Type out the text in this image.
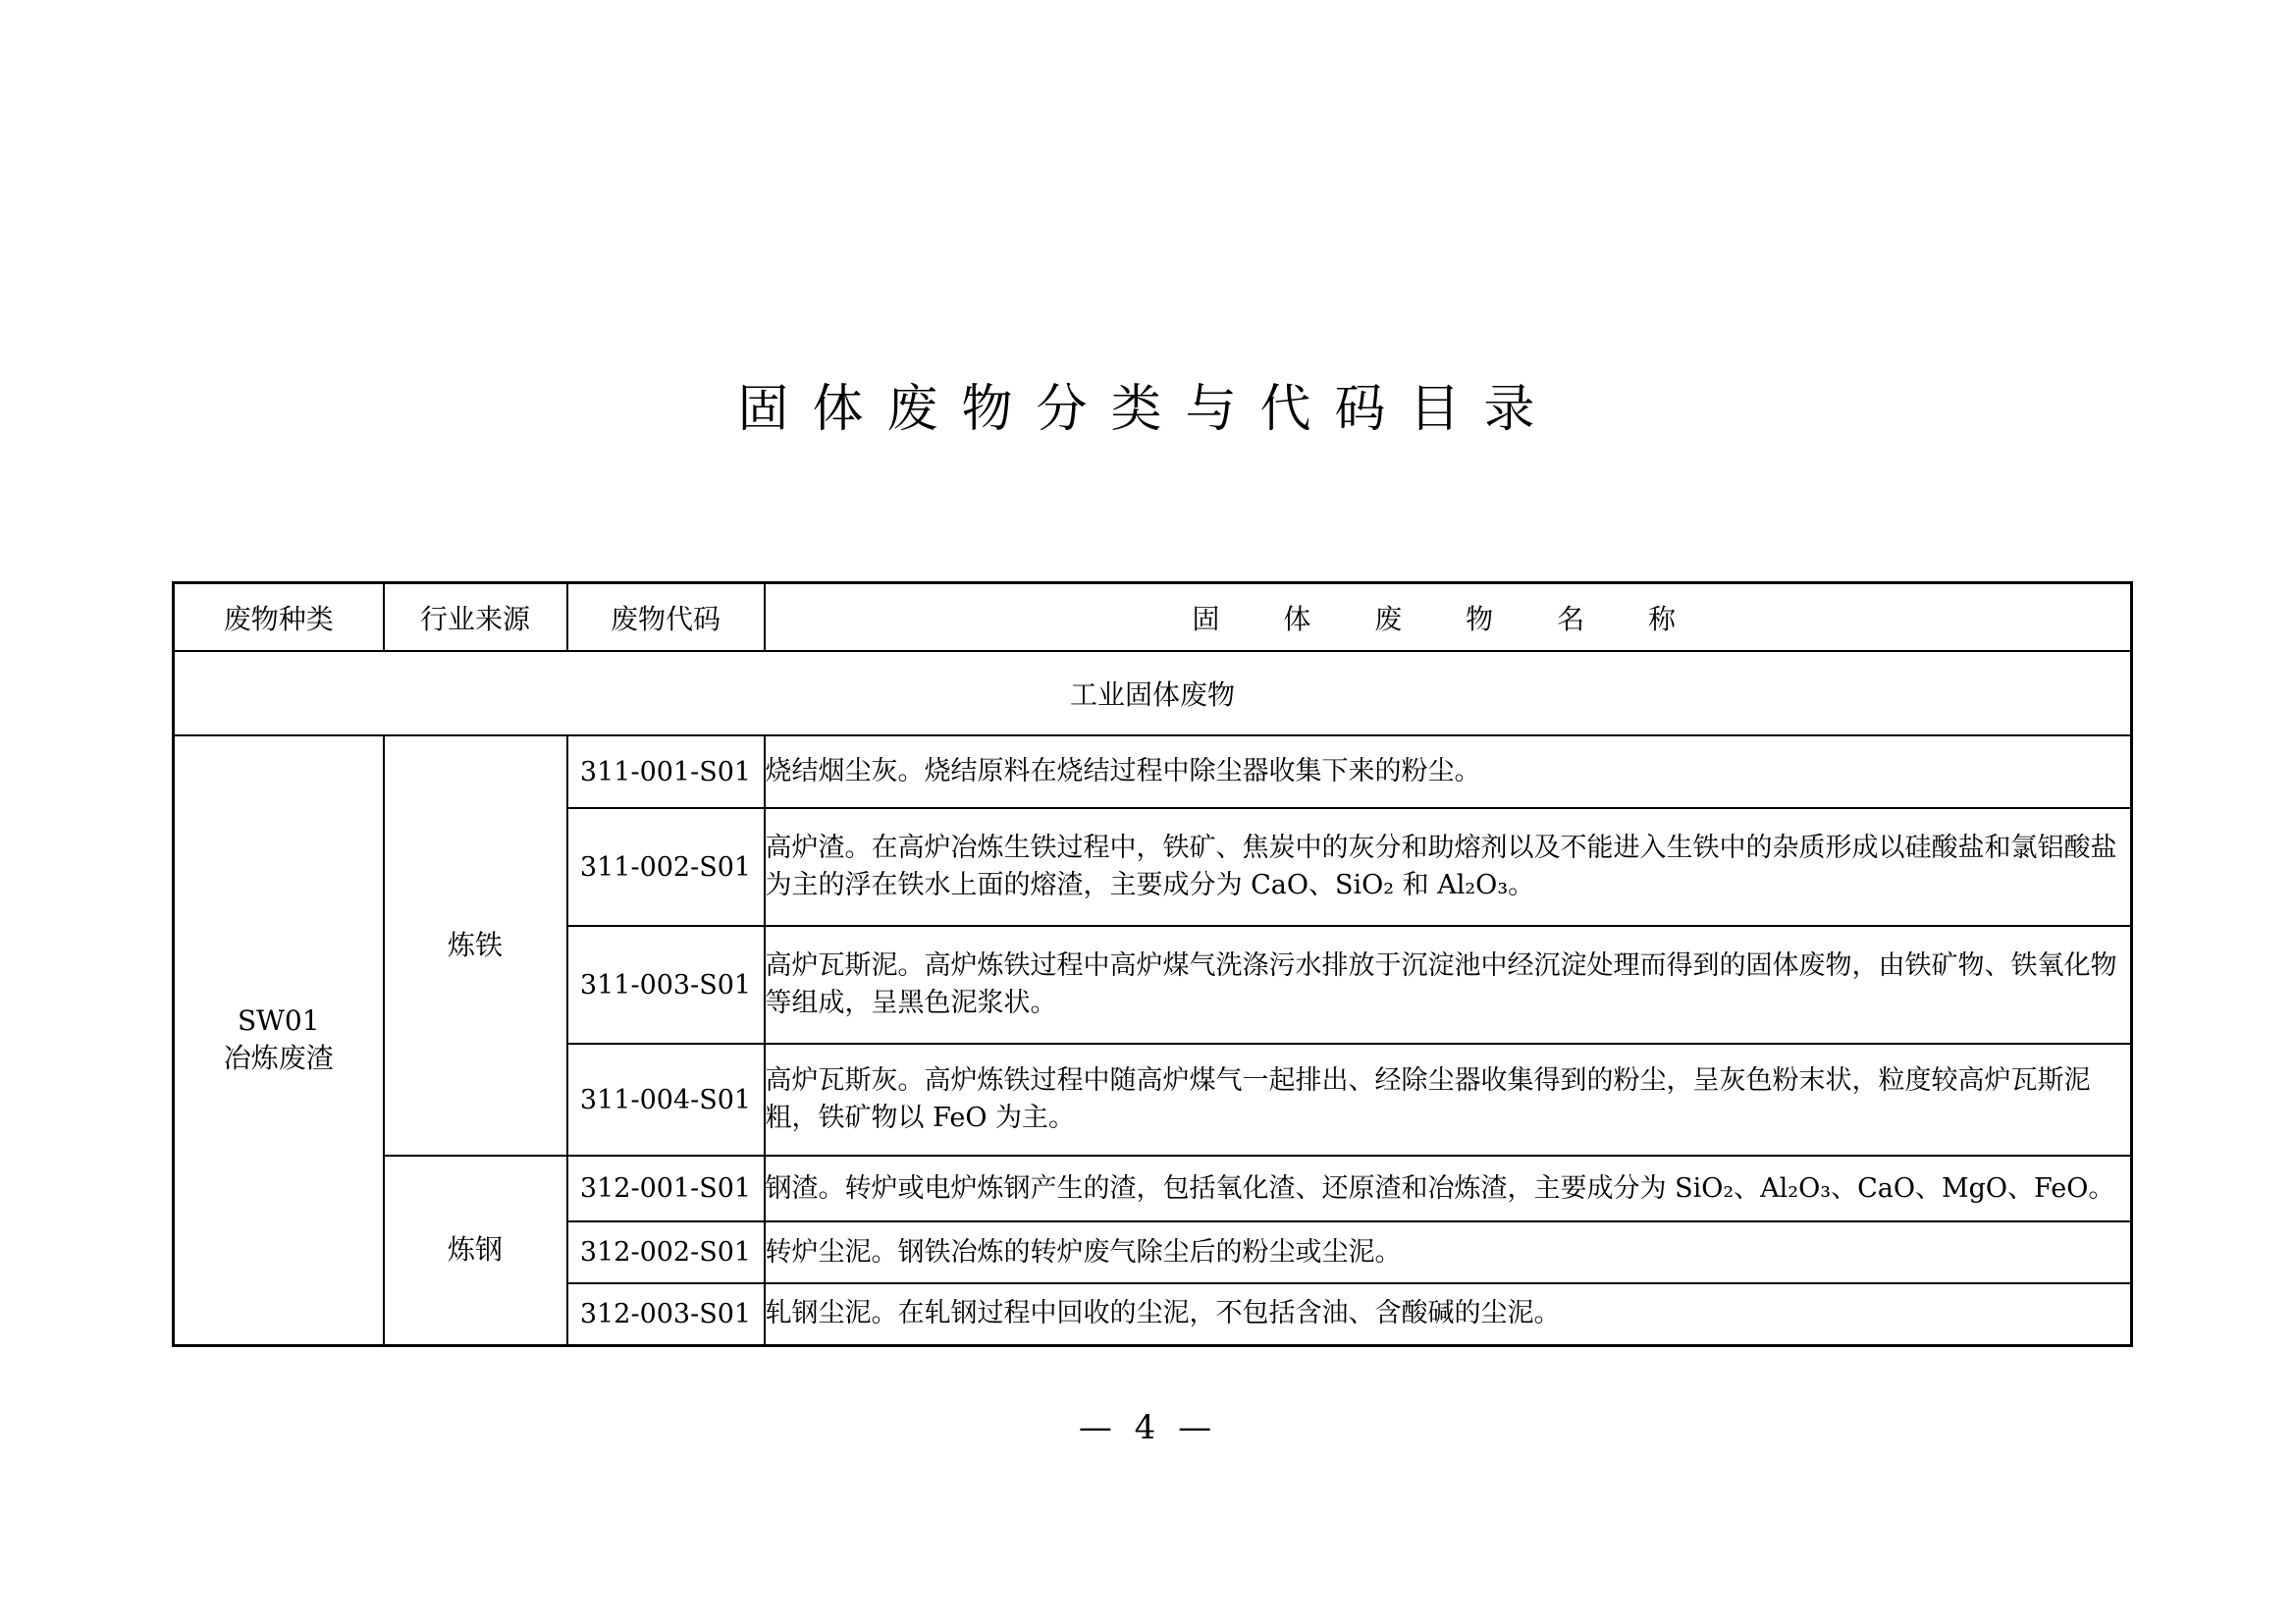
固体废物分类与代码目录
废物种类	行业来源	废物代码	固 体 废 物 名 称
工业固体废物			

SW01
冶炼废渣	炼铁	311-001-S01	烧结烟尘灰。烧结原料在烧结过程中除尘器收集下来的粉尘。
		311-002-S01	高炉渣。在高炉冶炼生铁过程中，铁矿、焦炭中的灰分和助熔剂以及不能进入生铁中的杂质形成以硅酸盐和氯铝酸盐为主的浮在铁水上面的熔渣，主要成分为 CaO、SiO₂ 和 Al₂O₃。
		311-003-S01	高炉瓦斯泥。高炉炼铁过程中高炉煤气洗涤污水排放于沉淀池中经沉淀处理而得到的固体废物，由铁矿物、铁氧化物等组成，呈黑色泥浆状。
		311-004-S01	高炉瓦斯灰。高炉炼铁过程中随高炉煤气一起排出、经除尘器收集得到的粉尘，呈灰色粉末状，粒度较高炉瓦斯泥粗，铁矿物以 FeO 为主。
	炼钢	312-001-S01	钢渣。转炉或电炉炼钢产生的渣，包括氧化渣、还原渣和冶炼渣，主要成分为 SiO₂、Al₂O₃、CaO、MgO、FeO。
		312-002-S01	转炉尘泥。钢铁冶炼的转炉废气除尘后的粉尘或尘泥。
		312-003-S01	轧钢尘泥。在轧钢过程中回收的尘泥，不包括含油、含酸碱的尘泥。
— 4 —
